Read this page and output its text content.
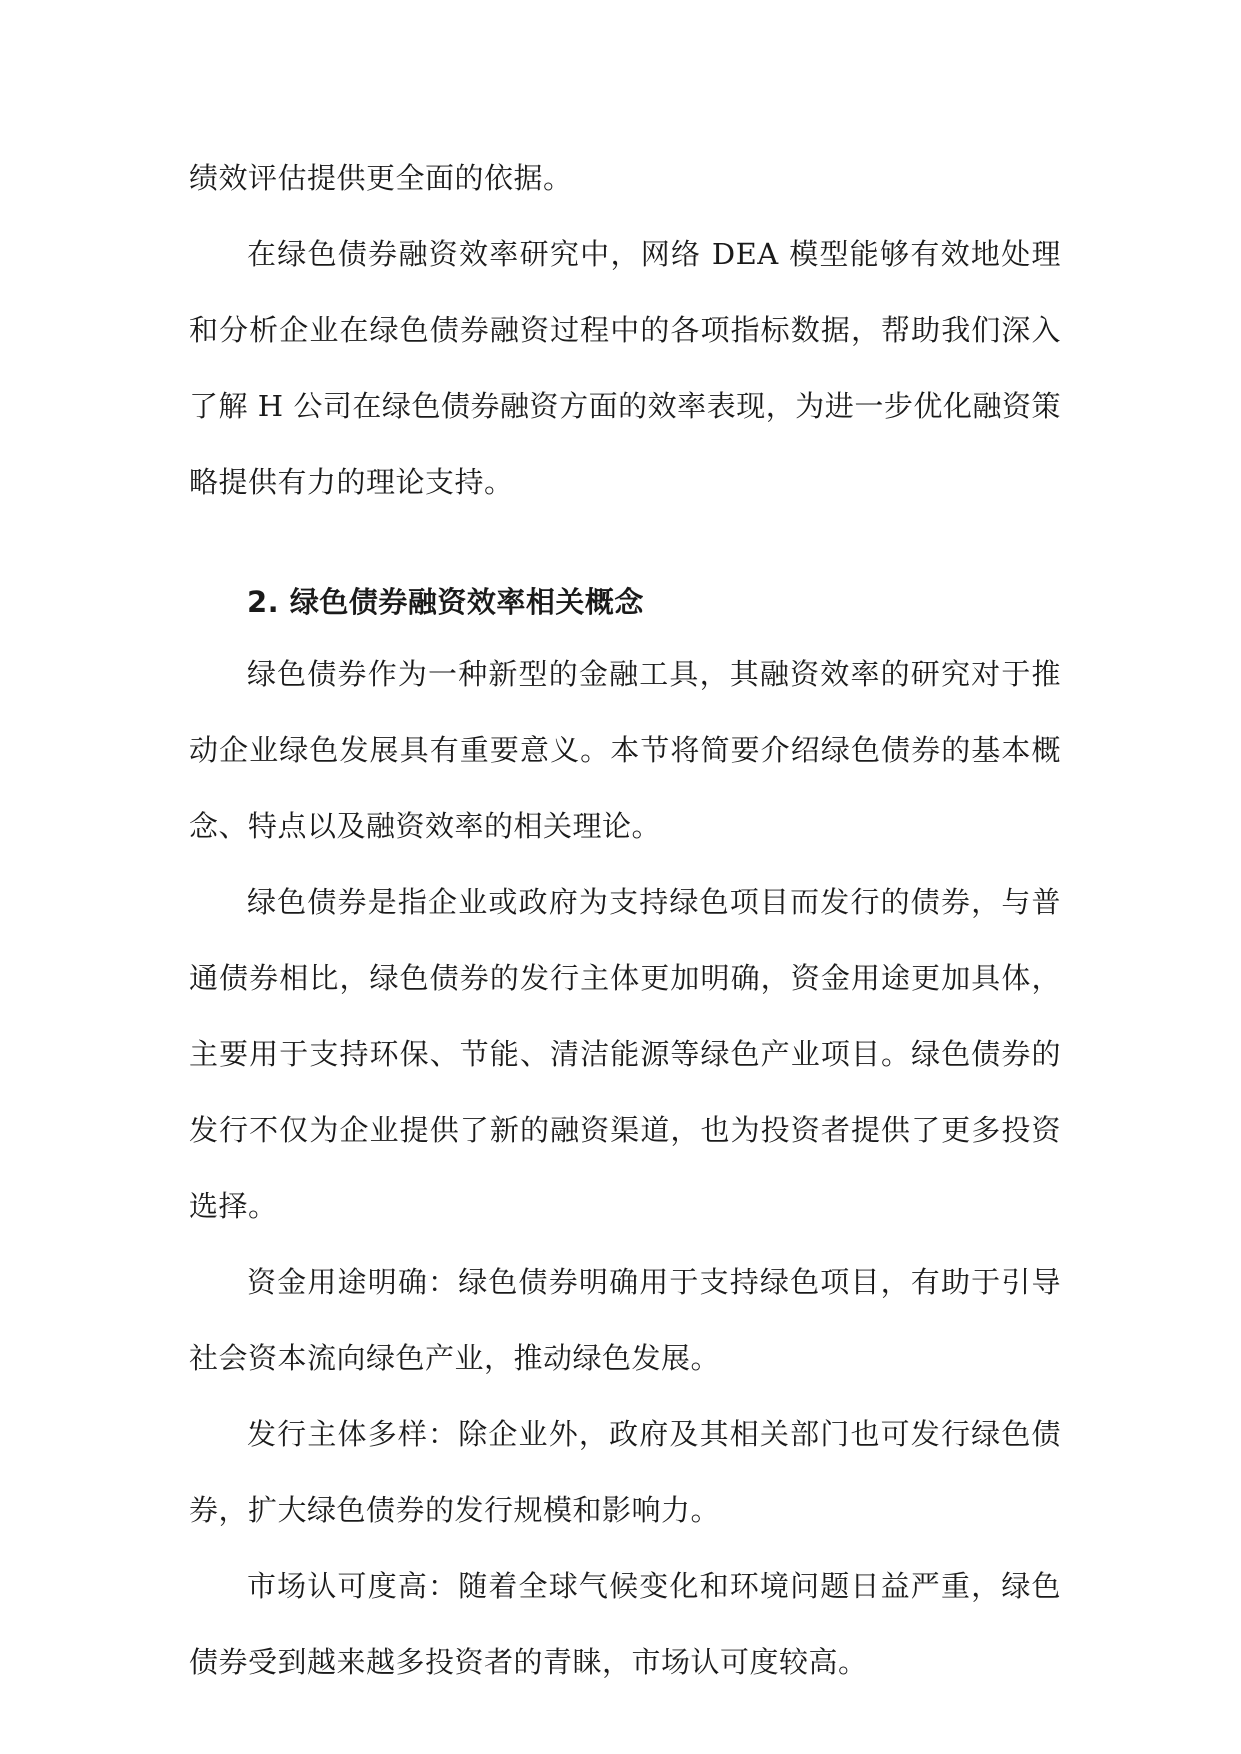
绩效评估提供更全面的依据。

在绿色债券融资效率研究中，网络 DEA 模型能够有效地处理和分析企业在绿色债券融资过程中的各项指标数据，帮助我们深入了解 H 公司在绿色债券融资方面的效率表现，为进一步优化融资策略提供有力的理论支持。

2. 绿色债券融资效率相关概念

绿色债券作为一种新型的金融工具，其融资效率的研究对于推动企业绿色发展具有重要意义。本节将简要介绍绿色债券的基本概念、特点以及融资效率的相关理论。

绿色债券是指企业或政府为支持绿色项目而发行的债券，与普通债券相比，绿色债券的发行主体更加明确，资金用途更加具体，主要用于支持环保、节能、清洁能源等绿色产业项目。绿色债券的发行不仅为企业提供了新的融资渠道，也为投资者提供了更多投资选择。

资金用途明确：绿色债券明确用于支持绿色项目，有助于引导社会资本流向绿色产业，推动绿色发展。

发行主体多样：除企业外，政府及其相关部门也可发行绿色债券，扩大绿色债券的发行规模和影响力。

市场认可度高：随着全球气候变化和环境问题日益严重，绿色债券受到越来越多投资者的青睐，市场认可度较高。
